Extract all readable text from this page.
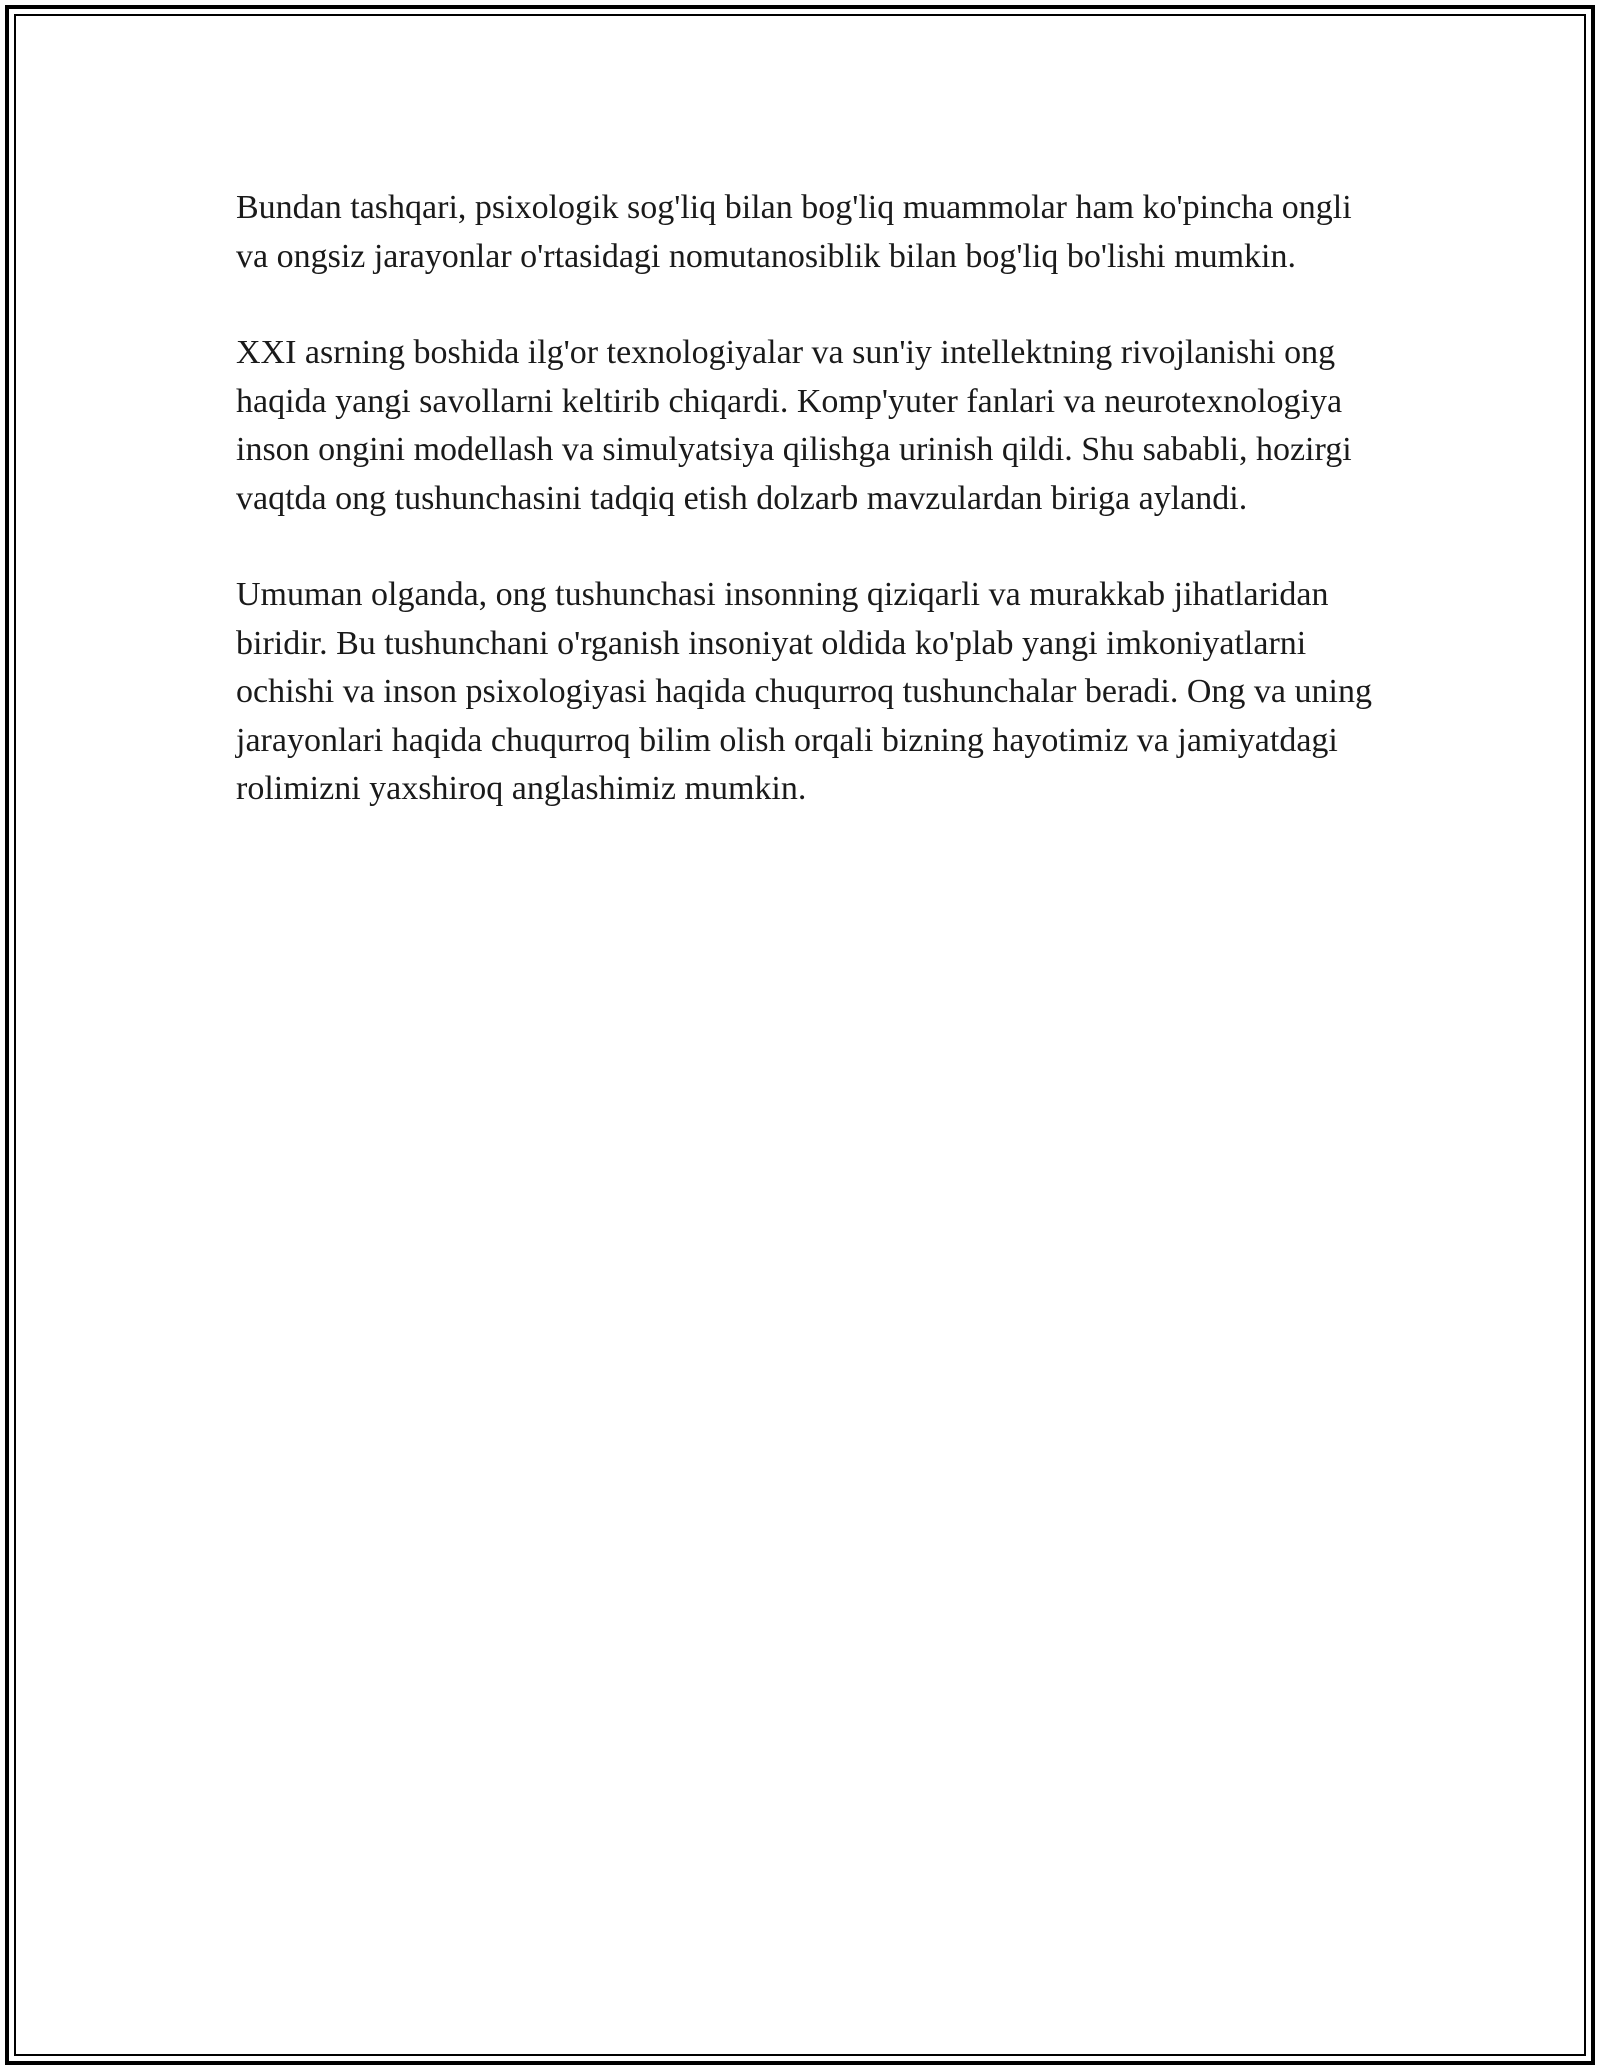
Bundan tashqari, psixologik sog'liq bilan bog'liq muammolar ham ko'pincha ongli va ongsiz jarayonlar o'rtasidagi nomutanosiblik bilan bog'liq bo'lishi mumkin.

XXI asrning boshida ilg'or texnologiyalar va sun'iy intellektning rivojlanishi ong haqida yangi savollarni keltirib chiqardi. Komp'yuter fanlari va neurotexnologiya inson ongini modellash va simulyatsiya qilishga urinish qildi. Shu sababli, hozirgi vaqtda ong tushunchasini tadqiq etish dolzarb mavzulardan biriga aylandi.

Umuman olganda, ong tushunchasi insonning qiziqarli va murakkab jihatlaridan biridir. Bu tushunchani o'rganish insoniyat oldida ko'plab yangi imkoniyatlarni ochishi va inson psixologiyasi haqida chuqurroq tushunchalar beradi. Ong va uning jarayonlari haqida chuqurroq bilim olish orqali bizning hayotimiz va jamiyatdagi rolimizni yaxshiroq anglashimiz mumkin.
